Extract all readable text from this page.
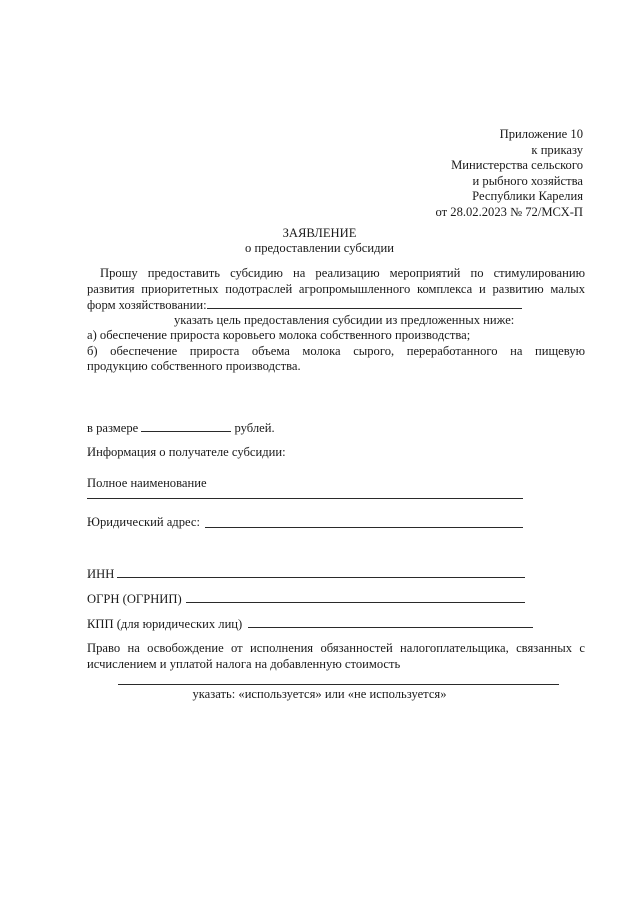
Приложение 10
к приказу
Министерства сельского
и рыбного хозяйства
Республики Карелия
от 28.02.2023 № 72/МСХ-П
ЗАЯВЛЕНИЕ
о предоставлении субсидии
Прошу предоставить субсидию на реализацию мероприятий по стимулированию
развития приоритетных подотраслей агропромышленного комплекса и развитию малых
форм хозяйствовании:
указать цель предоставления субсидии из предложенных ниже:
а) обеспечение прироста коровьего молока собственного производства;
б) обеспечение прироста объема молока сырого, переработанного на пищевую
продукцию собственного производства.
в размере	рублей.
Информация о получателе субсидии:
Полное наименование
Юридический адрес:
ИНН
ОГРН (ОГРНИП)
КПП (для юридических лиц)
Право на освобождение от исполнения обязанностей налогоплательщика, связанных с
исчислением и уплатой налога на добавленную стоимость
указать: «используется» или «не используется»
